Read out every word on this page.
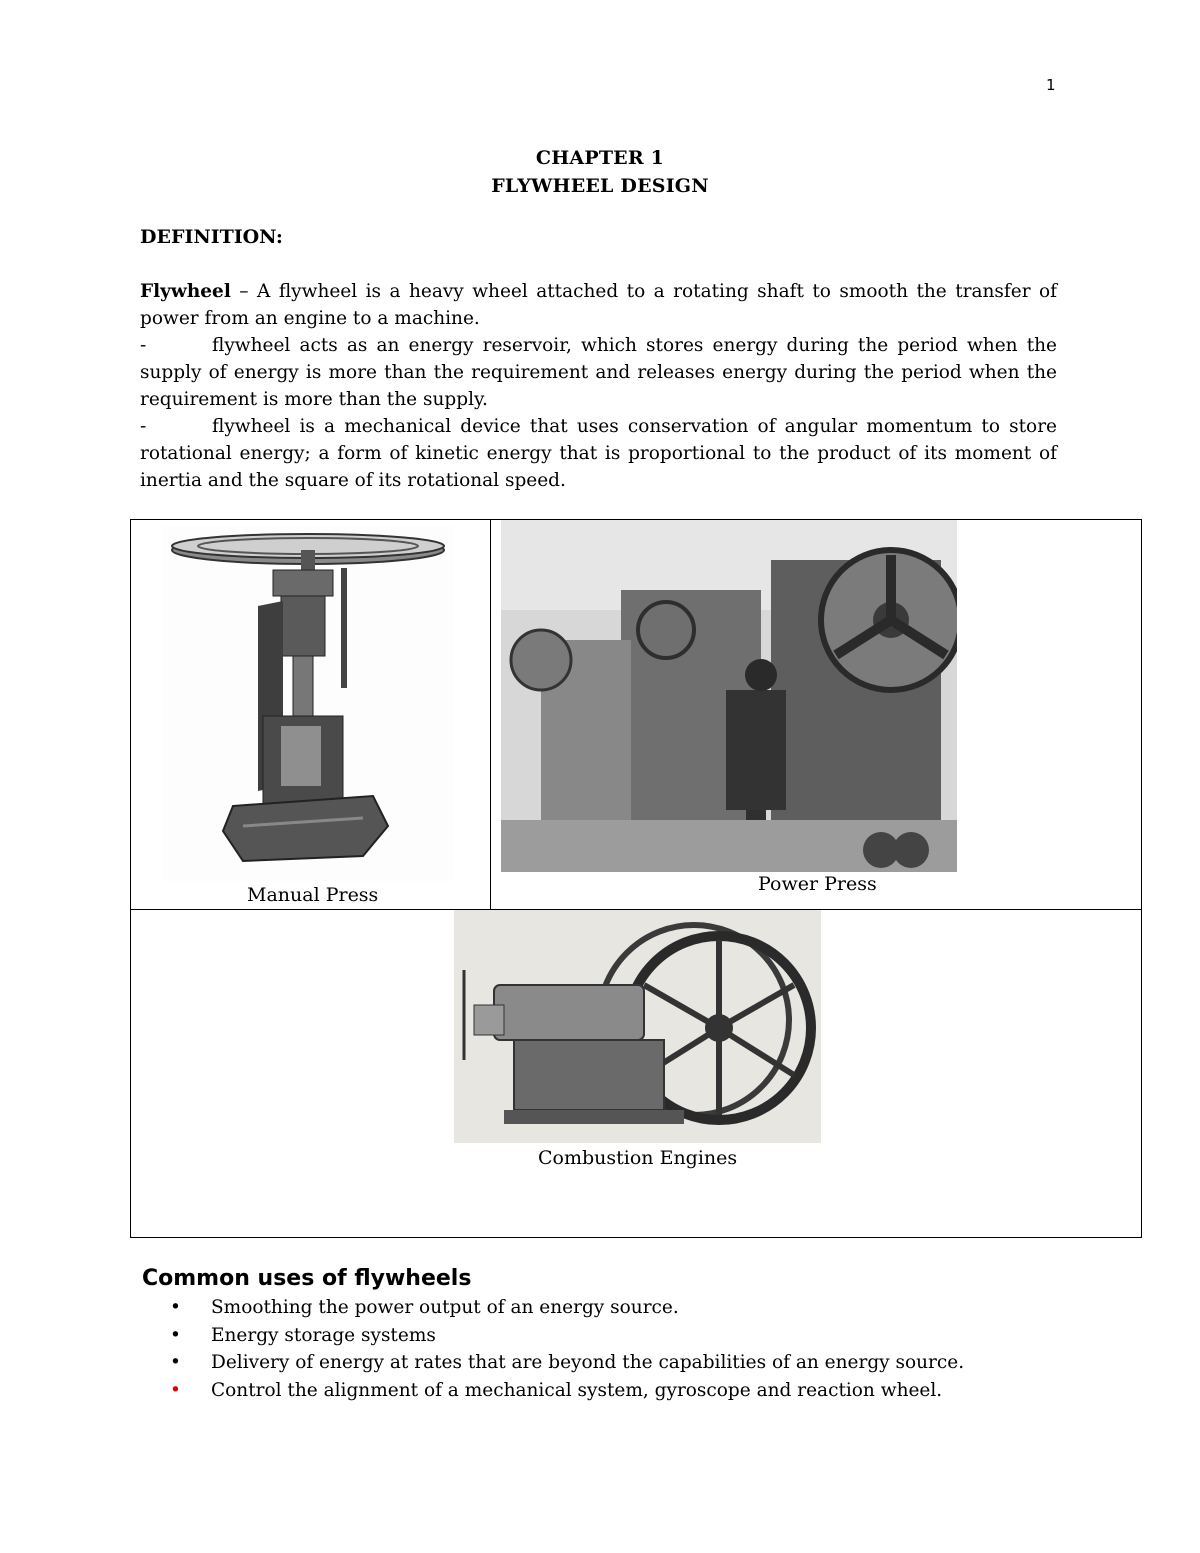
1
CHAPTER 1
FLYWHEEL DESIGN
DEFINITION:

Flywheel – A flywheel is a heavy wheel attached to a rotating shaft to smooth the transfer of power from an engine to a machine.

-	flywheel acts as an energy reservoir, which stores energy during the period when the supply of energy is more than the requirement and releases energy during the period when the requirement is more than the supply.

-	flywheel is a mechanical device that uses conservation of angular momentum to store rotational energy; a form of kinetic energy that is proportional to the product of its moment of inertia and the square of its rotational speed.

Manual Press	Power Press
Combustion Engines
Common uses of flywheels
• Smoothing the power output of an energy source.
• Energy storage systems
• Delivery of energy at rates that are beyond the capabilities of an energy source.
• Control the alignment of a mechanical system, gyroscope and reaction wheel.
